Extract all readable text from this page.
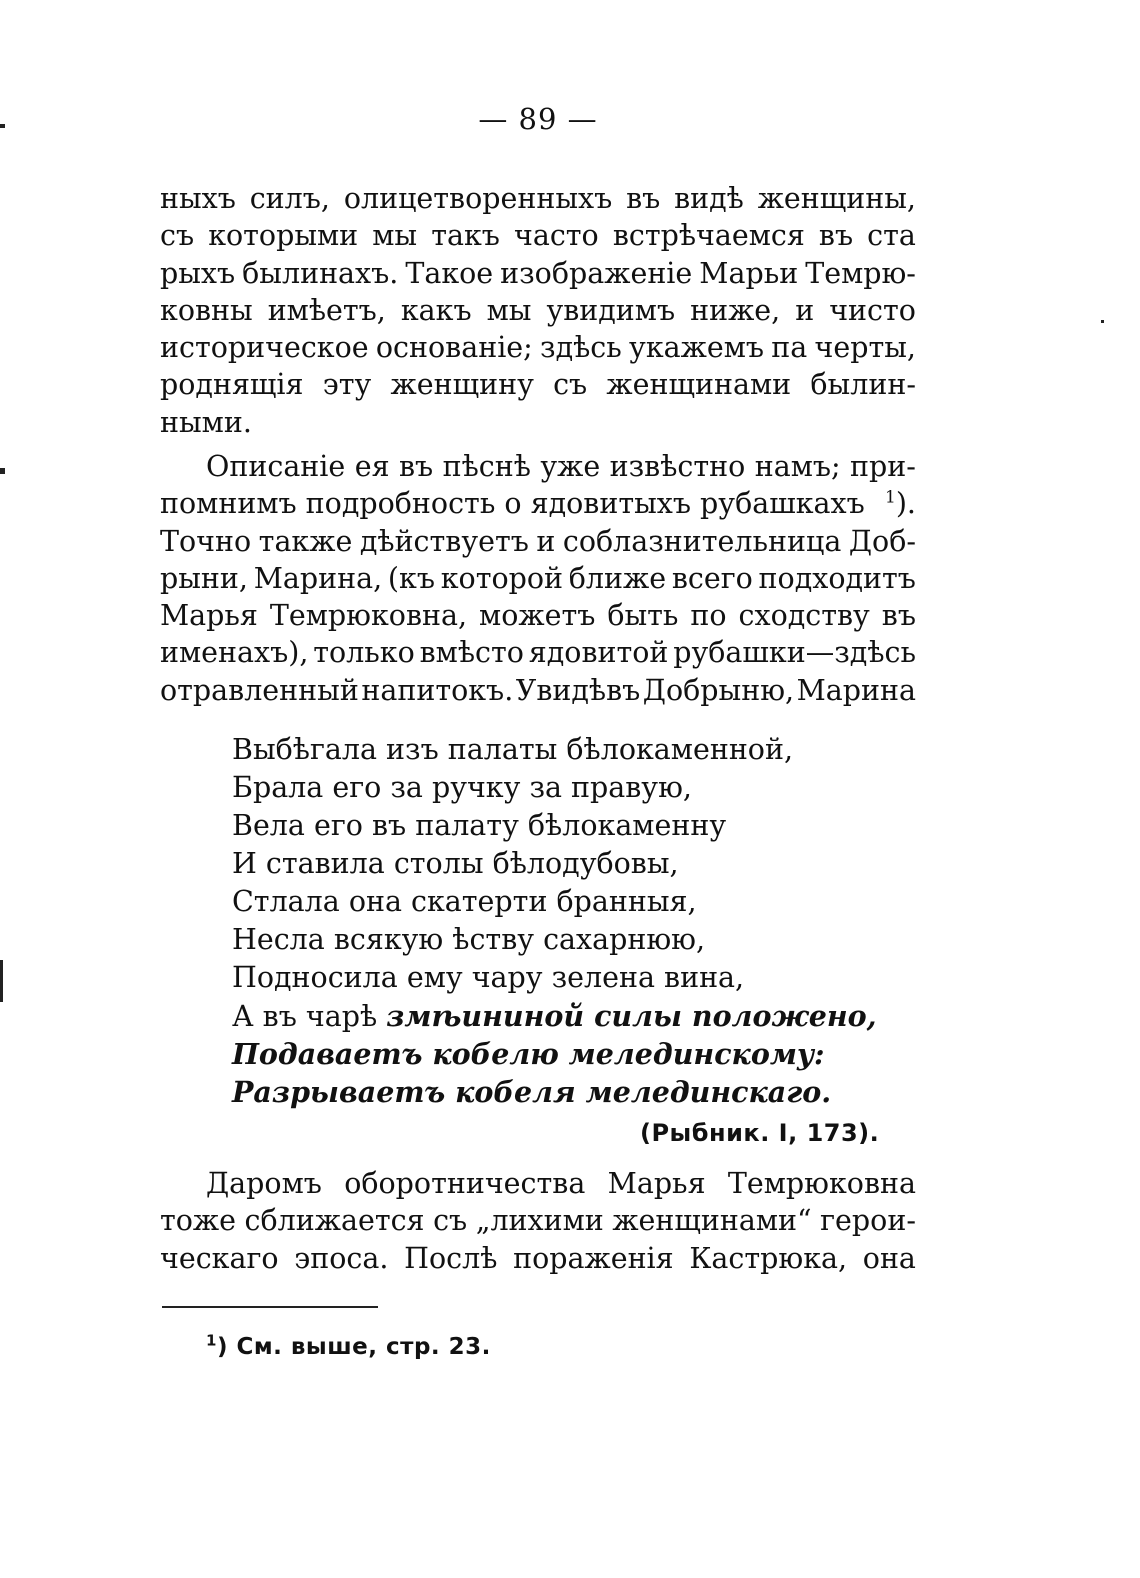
— 89 —
ныхъ силъ, олицетворенныхъ въ видѣ женщины,
съ которыми мы такъ часто встрѣчаемся въ ста
рыхъ былинахъ. Такое изображенiе Марьи Темрю-
ковны имѣетъ, какъ мы увидимъ ниже, и чисто
историческое основанiе; здѣсь укажемъ па черты,
роднящiя эту женщину съ женщинами былин-
ными.
Описанiе ея въ пѣснѣ уже извѣстно намъ; при-
помнимъ подробность о ядовитыхъ рубашкахъ $^1$).
Точно также дѣйствуетъ и соблазнительница Доб-
рыни, Марина, (къ которой ближе всего подходитъ
Марья Темрюковна, можетъ быть по сходству въ
именахъ), только вмѣсто ядовитой рубашки—здѣсь
отравленный напитокъ. Увидѣвъ Добрыню, Марина
Выбѣгала изъ палаты бѣлокаменной,
Брала его за ручку за правую,
Вела его въ палату бѣлокаменну
И ставила столы бѣлодубовы,
Стлала она скатерти бранныя,
Несла всякую ѣству сахарнюю,
Подносила ему чару зелена вина,
А въ чарѣ змѣининой силы положено,
Подаваетъ кобелю мелединскому:
Разрываетъ кобеля мелединскаго.
(Рыбник. I, 173).
Даромъ оборотничества Марья Темрюковна
тоже сближается съ „лихими женщинами“ герои-
ческаго эпоса. Послѣ пораженiя Кастрюка, она
$^1$) См. выше, стр. 23.
